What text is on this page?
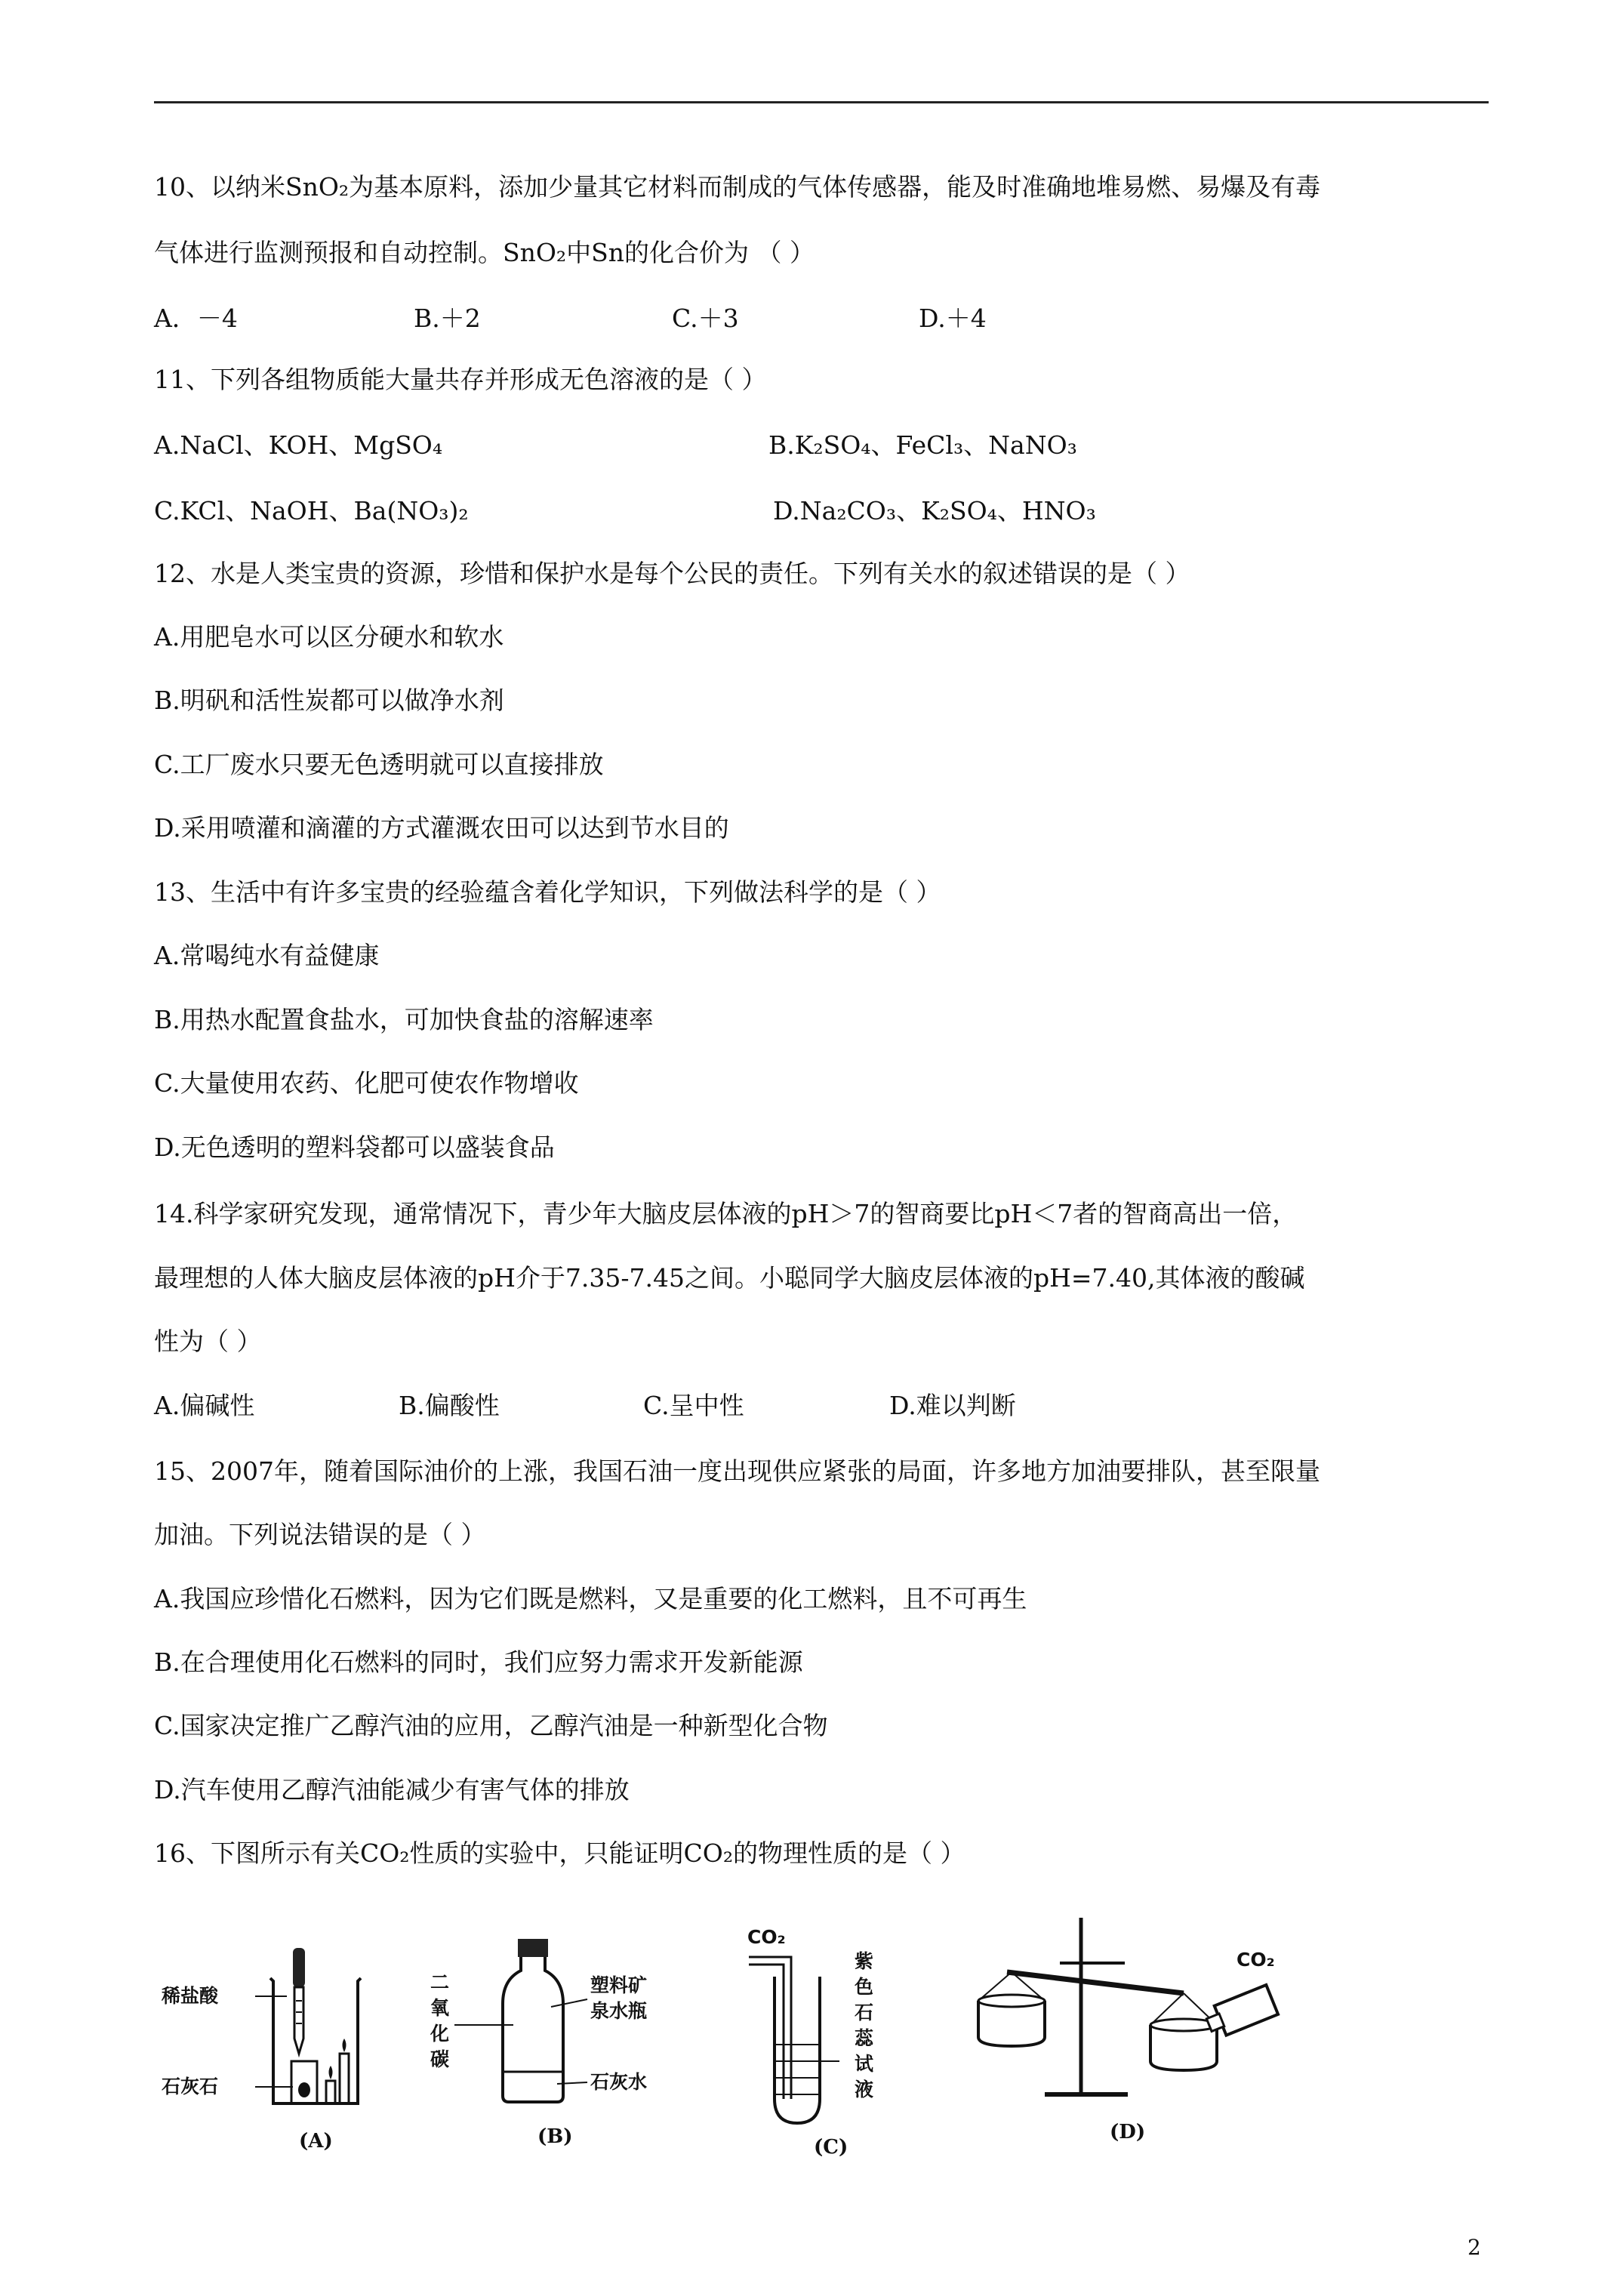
10、以纳米SnO₂为基本原料，添加少量其它材料而制成的气体传感器，能及时准确地堆易燃、易爆及有毒
气体进行监测预报和自动控制。SnO₂中Sn的化合价为 （ ）
A．－4	B.＋2	C.＋3	D.＋4
11、下列各组物质能大量共存并形成无色溶液的是（ ）
A.NaCl、KOH、MgSO₄	B.K₂SO₄、FeCl₃、NaNO₃
C.KCl、NaOH、Ba(NO₃)₂	D.Na₂CO₃、K₂SO₄、HNO₃
12、水是人类宝贵的资源，珍惜和保护水是每个公民的责任。下列有关水的叙述错误的是（ ）
A.用肥皂水可以区分硬水和软水
B.明矾和活性炭都可以做净水剂
C.工厂废水只要无色透明就可以直接排放
D.采用喷灌和滴灌的方式灌溉农田可以达到节水目的
13、生活中有许多宝贵的经验蕴含着化学知识，下列做法科学的是（ ）
A.常喝纯水有益健康
B.用热水配置食盐水，可加快食盐的溶解速率
C.大量使用农药、化肥可使农作物增收
D.无色透明的塑料袋都可以盛装食品
14.科学家研究发现，通常情况下，青少年大脑皮层体液的pH＞7的智商要比pH＜7者的智商高出一倍，
最理想的人体大脑皮层体液的pH介于7.35-7.45之间。小聪同学大脑皮层体液的pH=7.40,其体液的酸碱
性为（ ）
A.偏碱性	B.偏酸性	C.呈中性	D.难以判断
15、2007年，随着国际油价的上涨，我国石油一度出现供应紧张的局面，许多地方加油要排队，甚至限量
加油。下列说法错误的是（ ）
A.我国应珍惜化石燃料，因为它们既是燃料，又是重要的化工燃料，且不可再生
B.在合理使用化石燃料的同时，我们应努力需求开发新能源
C.国家决定推广乙醇汽油的应用，乙醇汽油是一种新型化合物
D.汽车使用乙醇汽油能减少有害气体的排放
16、下图所示有关CO₂性质的实验中，只能证明CO₂的物理性质的是（ ）
稀盐酸
石灰石
(A)
二
氧
化
碳
塑料矿
泉水瓶
石灰水
(B)
CO₂
紫
色
石
蕊
试
液
(C)
CO₂
(D)
2
